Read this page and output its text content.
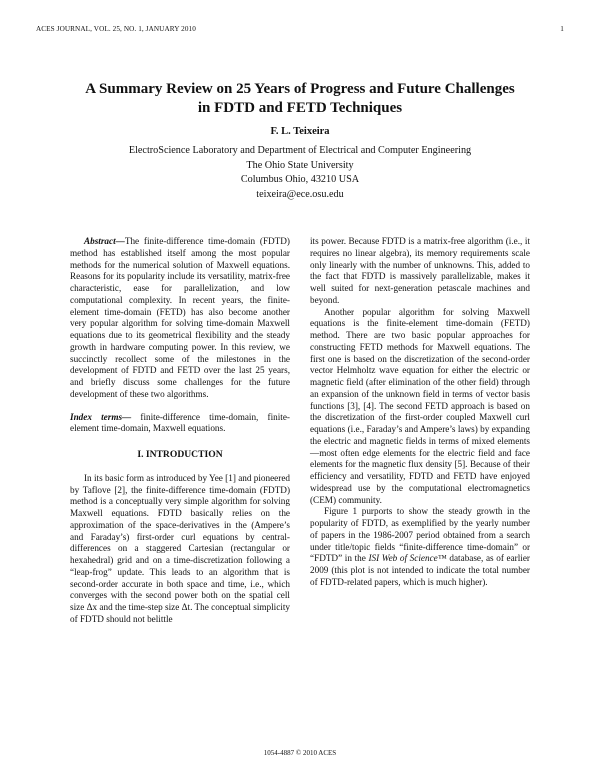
ACES JOURNAL, VOL. 25, NO. 1, JANUARY 2010	1
A Summary Review on 25 Years of Progress and Future Challenges
in FDTD and FETD Techniques
F. L. Teixeira
ElectroScience Laboratory and Department of Electrical and Computer Engineering
The Ohio State University
Columbus Ohio, 43210 USA
teixeira@ece.osu.edu

Abstract—The finite-difference time-domain (FDTD) method has established itself among the most popular methods for the numerical solution of Maxwell equations. Reasons for its popularity include its versatility, matrix-free characteristic, ease for parallelization, and low computational complexity. In recent years, the finite-element time-domain (FETD) has also become another very popular algorithm for solving time-domain Maxwell equations due to its geometrical flexibility and the steady growth in hardware computing power. In this review, we succinctly recollect some of the milestones in the development of FDTD and FETD over the last 25 years, and briefly discuss some challenges for the future development of these two algorithms.

Index terms— finite-difference time-domain, finite-element time-domain, Maxwell equations.

I. INTRODUCTION

In its basic form as introduced by Yee [1] and pioneered by Taflove [2], the finite-difference time-domain (FDTD) method is a conceptually very simple algorithm for solving Maxwell equations. FDTD basically relies on the approximation of the space-derivatives in the (Ampere’s and Faraday’s) first-order curl equations by central-differences on a staggered Cartesian (rectangular or hexahedral) grid and on a time-discretization following a “leap-frog” update. This leads to an algorithm that is second-order accurate in both space and time, i.e., which converges with the second power both on the spatial cell size Δx and the time-step size Δt. The conceptual simplicity of FDTD should not belittle

its power. Because FDTD is a matrix-free algorithm (i.e., it requires no linear algebra), its memory requirements scale only linearly with the number of unknowns. This, added to the fact that FDTD is massively parallelizable, makes it well suited for next-generation petascale machines and beyond.

Another popular algorithm for solving Maxwell equations is the finite-element time-domain (FETD) method. There are two basic popular approaches for constructing FETD methods for Maxwell equations. The first one is based on the discretization of the second-order vector Helmholtz wave equation for either the electric or magnetic field (after elimination of the other field) through an expansion of the unknown field in terms of vector basis functions [3], [4]. The second FETD approach is based on the discretization of the first-order coupled Maxwell curl equations (i.e., Faraday’s and Ampere’s laws) by expanding the electric and magnetic fields in terms of mixed elements—most often edge elements for the electric field and face elements for the magnetic flux density [5]. Because of their efficiency and versatility, FDTD and FETD have enjoyed widespread use by the computational electromagnetics (CEM) community.

Figure 1 purports to show the steady growth in the popularity of FDTD, as exemplified by the yearly number of papers in the 1986-2007 period obtained from a search under title/topic fields “finite-difference time-domain” or “FDTD” in the ISI Web of Science™ database, as of earlier 2009 (this plot is not intended to indicate the total number of FDTD-related papers, which is much higher).

1054-4887 © 2010 ACES
